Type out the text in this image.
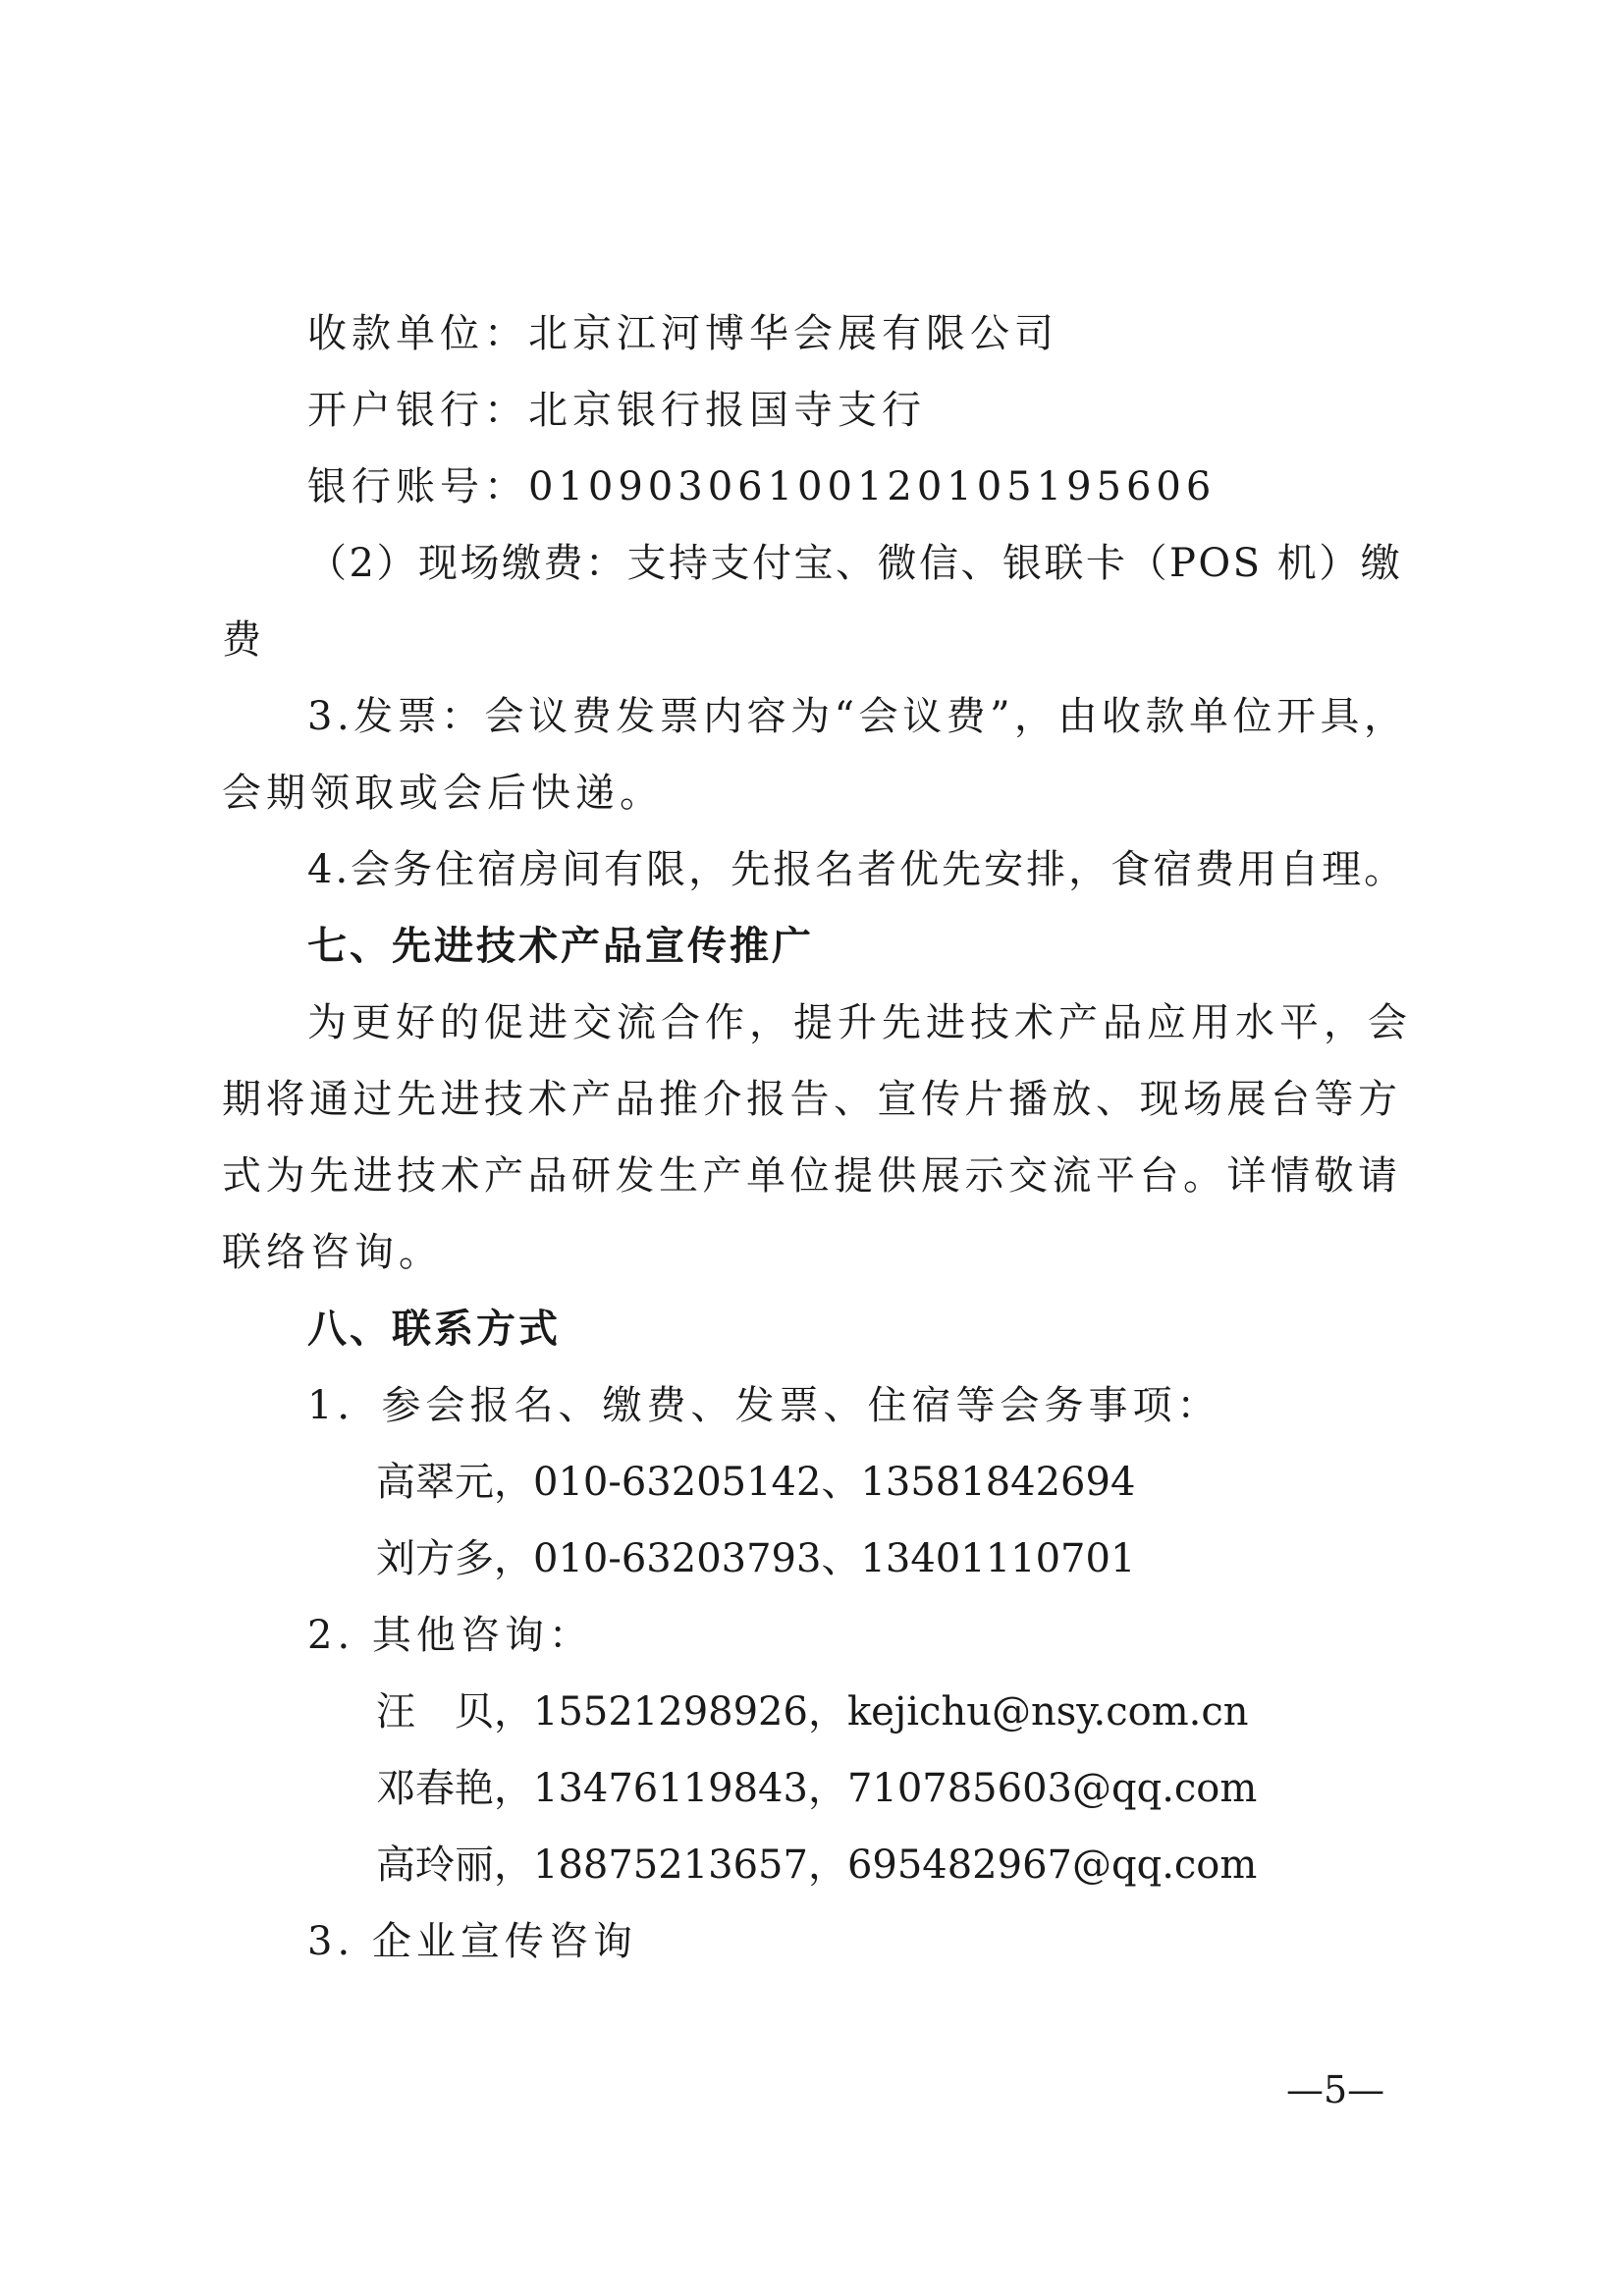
收款单位：北京江河博华会展有限公司
开户银行：北京银行报国寺支行
银行账号：01090306100120105195606
（2）现场缴费：支持支付宝、微信、银联卡（POS 机）缴
费
3.发票：会议费发票内容为“会议费”，由收款单位开具，
会期领取或会后快递。
4.会务住宿房间有限，先报名者优先安排，食宿费用自理。
七、先进技术产品宣传推广
为更好的促进交流合作，提升先进技术产品应用水平，会
期将通过先进技术产品推介报告、宣传片播放、现场展台等方
式为先进技术产品研发生产单位提供展示交流平台。详情敬请
联络咨询。
八、联系方式
1．参会报名、缴费、发票、住宿等会务事项：
高翠元，010-63205142、13581842694
刘方多，010-63203793、13401110701
2. 其他咨询：
汪　贝，15521298926，kejichu@nsy.com.cn
邓春艳，13476119843，710785603@qq.com
高玲丽，18875213657，695482967@qq.com
3. 企业宣传咨询
—5—
